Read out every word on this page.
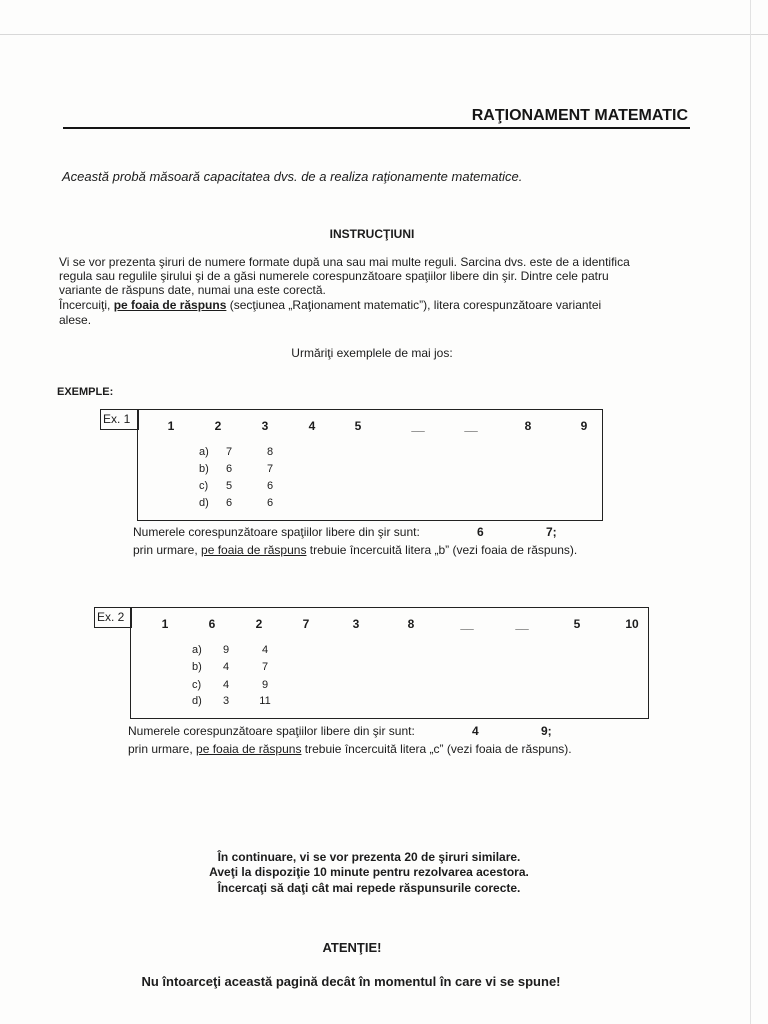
RAŢIONAMENT MATEMATIC
Această probă măsoară capacitatea dvs. de a realiza raţionamente matematice.
INSTRUCŢIUNI
Vi se vor prezenta şiruri de numere formate după una sau mai multe reguli. Sarcina dvs. este de a identifica
regula sau regulile şirului şi de a găsi numerele corespunzătoare spaţiilor libere din şir. Dintre cele patru
variante de răspuns date, numai una este corectă.
Încercuiţi, pe foaia de răspuns (secţiunea „Raţionament matematic”), litera corespunzătoare variantei
alese.
Urmăriţi exemplele de mai jos:
EXEMPLE:
Ex. 1	1	2	3	4	5	__	__	8	9
a)	7	8
b)	6	7
c)	5	6
d)	6	6
Numerele corespunzătoare spaţiilor libere din şir sunt:	6	7;
prin urmare, pe foaia de răspuns trebuie încercuită litera „b” (vezi foaia de răspuns).
Ex. 2	1	6	2	7	3	8	__	__	5	10
a)	9	4
b)	4	7
c)	4	9
d)	3	11
Numerele corespunzătoare spaţiilor libere din şir sunt:	4	9;
prin urmare, pe foaia de răspuns trebuie încercuită litera „c” (vezi foaia de răspuns).
În continuare, vi se vor prezenta 20 de şiruri similare.
Aveţi la dispoziţie 10 minute pentru rezolvarea acestora.
Încercaţi să daţi cât mai repede răspunsurile corecte.
ATENŢIE!
Nu întoarceţi această pagină decât în momentul în care vi se spune!
